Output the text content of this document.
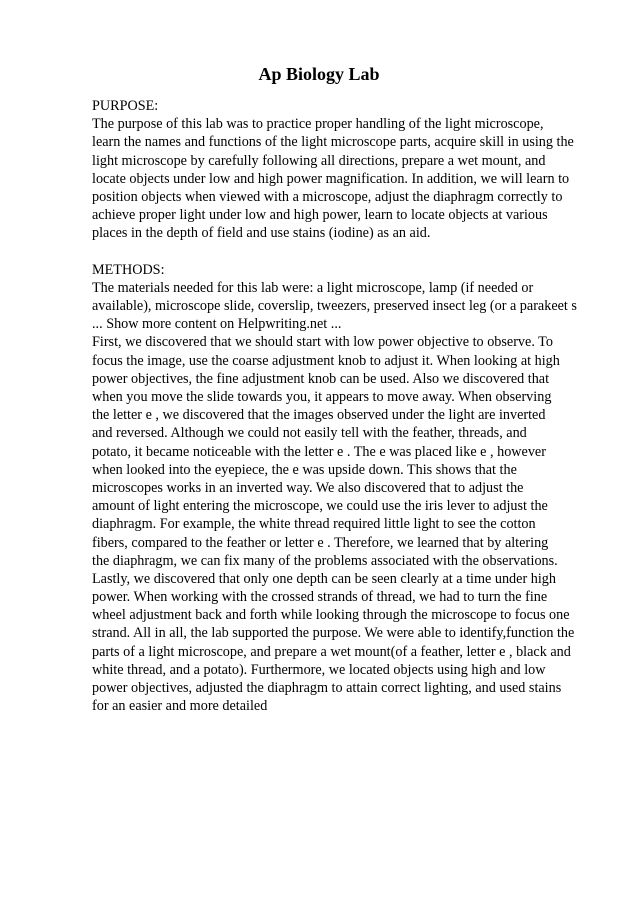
Ap Biology Lab
PURPOSE:
The purpose of this lab was to practice proper handling of the light microscope,
learn the names and functions of the light microscope parts, acquire skill in using the
light microscope by carefully following all directions, prepare a wet mount, and
locate objects under low and high power magnification. In addition, we will learn to
position objects when viewed with a microscope, adjust the diaphragm correctly to
achieve proper light under low and high power, learn to locate objects at various
places in the depth of field and use stains (iodine) as an aid.
METHODS:
The materials needed for this lab were: a light microscope, lamp (if needed or
available), microscope slide, coverslip, tweezers, preserved insect leg (or a parakeet s
... Show more content on Helpwriting.net ...
First, we discovered that we should start with low power objective to observe. To
focus the image, use the coarse adjustment knob to adjust it. When looking at high
power objectives, the fine adjustment knob can be used. Also we discovered that
when you move the slide towards you, it appears to move away. When observing
the letter e , we discovered that the images observed under the light are inverted
and reversed. Although we could not easily tell with the feather, threads, and
potato, it became noticeable with the letter e . The e was placed like e , however
when looked into the eyepiece, the e was upside down. This shows that the
microscopes works in an inverted way. We also discovered that to adjust the
amount of light entering the microscope, we could use the iris lever to adjust the
diaphragm. For example, the white thread required little light to see the cotton
fibers, compared to the feather or letter e . Therefore, we learned that by altering
the diaphragm, we can fix many of the problems associated with the observations.
Lastly, we discovered that only one depth can be seen clearly at a time under high
power. When working with the crossed strands of thread, we had to turn the fine
wheel adjustment back and forth while looking through the microscope to focus one
strand. All in all, the lab supported the purpose. We were able to identify,function the
parts of a light microscope, and prepare a wet mount(of a feather, letter e , black and
white thread, and a potato). Furthermore, we located objects using high and low
power objectives, adjusted the diaphragm to attain correct lighting, and used stains
for an easier and more detailed
